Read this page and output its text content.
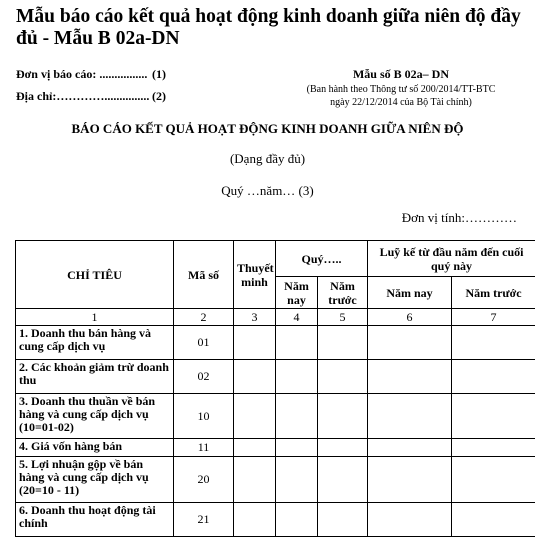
Mẫu báo cáo kết quả hoạt động kinh doanh giữa niên độ đầy đủ - Mẫu B 02a-DN
Đơn vị báo cáo: ................ (1)
Địa chỉ:…………............... (2)
Mẫu số B 02a– DN
(Ban hành theo Thông tư số 200/2014/TT-BTC
ngày 22/12/2014 của Bộ Tài chính)
BÁO CÁO KẾT QUẢ HOẠT ĐỘNG KINH DOANH GIỮA NIÊN ĐỘ
(Dạng đầy đủ)
Quý …năm… (3)
Đơn vị tính:…………
CHỈ TIÊU	Mã số	Thuyết minh	Quý…..		Luỹ kế từ đầu năm đến cuối quý này	
			Năm nay	Năm trước	Năm nay	Năm trước
1	2	3	4	5	6	7
1. Doanh thu bán hàng và cung cấp dịch vụ	01					
2. Các khoản giảm trừ doanh thu	02					
3. Doanh thu thuần về bán hàng và cung cấp dịch vụ (10=01-02)	10					
4. Giá vốn hàng bán	11					
5. Lợi nhuận gộp về bán hàng và cung cấp dịch vụ (20=10 - 11)	20					
6. Doanh thu hoạt động tài chính	21					
